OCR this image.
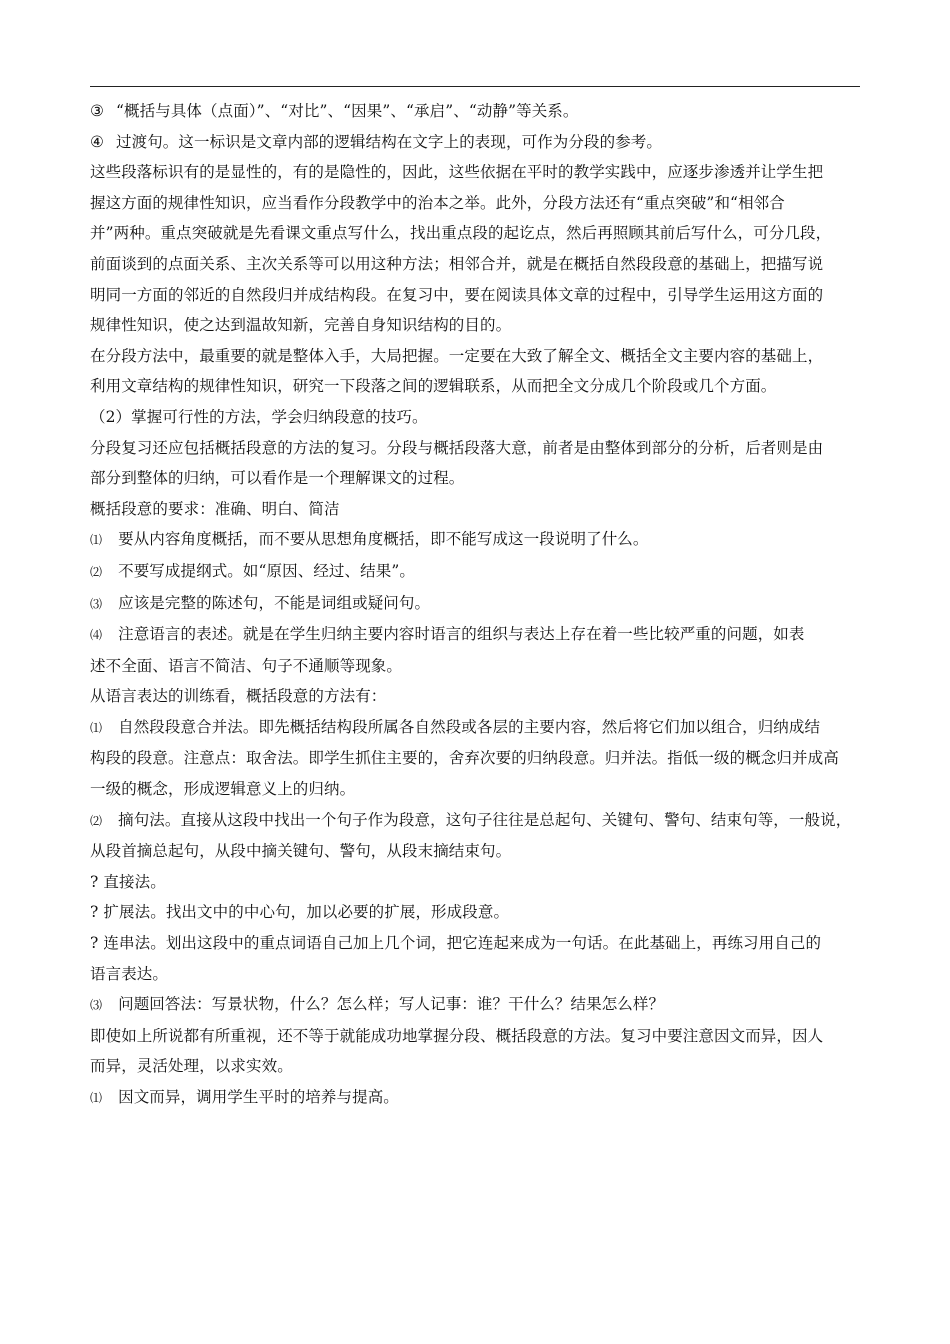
③ “概括与具体（点面）”、“对比”、“因果”、“承启”、“动静”等关系。
④ 过渡句。这一标识是文章内部的逻辑结构在文字上的表现，可作为分段的参考。
这些段落标识有的是显性的，有的是隐性的，因此，这些依据在平时的教学实践中，应逐步渗透并让学生把
握这方面的规律性知识，应当看作分段教学中的治本之举。此外，分段方法还有“重点突破”和“相邻合
并”两种。重点突破就是先看课文重点写什么，找出重点段的起讫点，然后再照顾其前后写什么，可分几段，
前面谈到的点面关系、主次关系等可以用这种方法；相邻合并，就是在概括自然段段意的基础上，把描写说
明同一方面的邻近的自然段归并成结构段。在复习中，要在阅读具体文章的过程中，引导学生运用这方面的
规律性知识，使之达到温故知新，完善自身知识结构的目的。
在分段方法中，最重要的就是整体入手，大局把握。一定要在大致了解全文、概括全文主要内容的基础上，
利用文章结构的规律性知识，研究一下段落之间的逻辑联系，从而把全文分成几个阶段或几个方面。
（2）掌握可行性的方法，学会归纳段意的技巧。
分段复习还应包括概括段意的方法的复习。分段与概括段落大意，前者是由整体到部分的分析，后者则是由
部分到整体的归纳，可以看作是一个理解课文的过程。
概括段意的要求：准确、明白、简洁
⑴ 要从内容角度概括，而不要从思想角度概括，即不能写成这一段说明了什么。
⑵ 不要写成提纲式。如“原因、经过、结果”。
⑶ 应该是完整的陈述句，不能是词组或疑问句。
⑷ 注意语言的表述。就是在学生归纳主要内容时语言的组织与表达上存在着一些比较严重的问题，如表
述不全面、语言不简洁、句子不通顺等现象。
从语言表达的训练看，概括段意的方法有：
⑴ 自然段段意合并法。即先概括结构段所属各自然段或各层的主要内容，然后将它们加以组合，归纳成结
构段的段意。注意点：取舍法。即学生抓住主要的，舍弃次要的归纳段意。归并法。指低一级的概念归并成高
一级的概念，形成逻辑意义上的归纳。
⑵ 摘句法。直接从这段中找出一个句子作为段意，这句子往往是总起句、关键句、警句、结束句等，一般说，
从段首摘总起句，从段中摘关键句、警句，从段末摘结束句。
? 直接法。
? 扩展法。找出文中的中心句，加以必要的扩展，形成段意。
? 连串法。划出这段中的重点词语自己加上几个词，把它连起来成为一句话。在此基础上，再练习用自己的
语言表达。
⑶ 问题回答法：写景状物，什么？怎么样；写人记事：谁？干什么？结果怎么样？
即使如上所说都有所重视，还不等于就能成功地掌握分段、概括段意的方法。复习中要注意因文而异，因人
而异，灵活处理，以求实效。
⑴ 因文而异，调用学生平时的培养与提高。
